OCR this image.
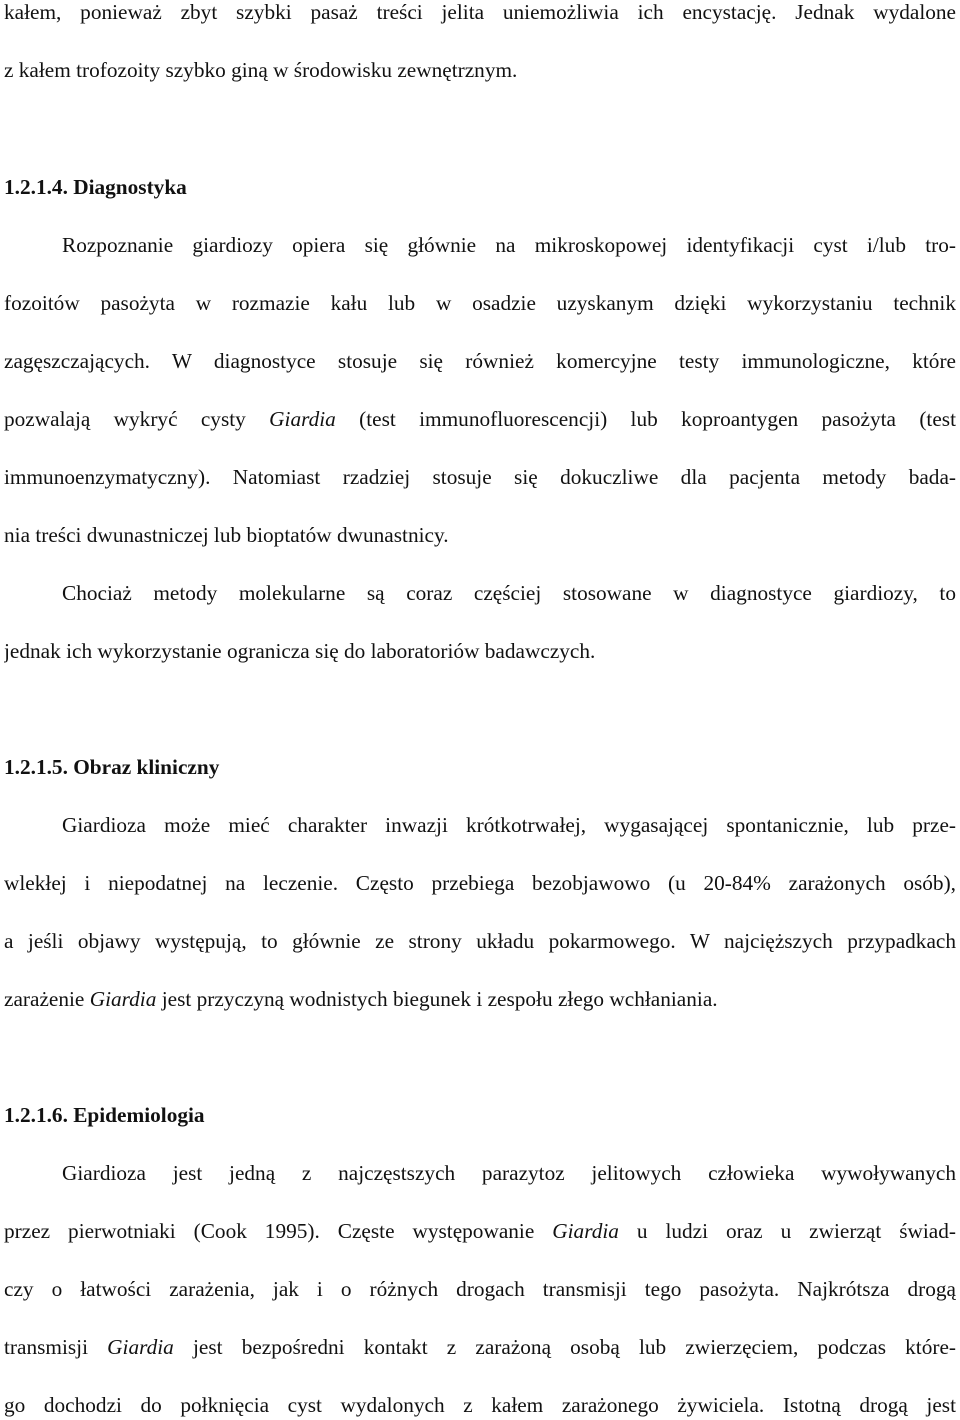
kałem, ponieważ zbyt szybki pasaż treści jelita uniemożliwia ich encystację. Jednak wydalone
z kałem trofozoity szybko giną w środowisku zewnętrznym.
1.2.1.4. Diagnostyka
Rozpoznanie giardiozy opiera się głównie na mikroskopowej identyfikacji cyst i/lub tro-
fozoitów pasożyta w rozmazie kału lub w osadzie uzyskanym dzięki wykorzystaniu technik
zagęszczających. W diagnostyce stosuje się również komercyjne testy immunologiczne, które
pozwalają wykryć cysty Giardia (test immunofluorescencji) lub koproantygen pasożyta (test
immunoenzymatyczny). Natomiast rzadziej stosuje się dokuczliwe dla pacjenta metody bada-
nia treści dwunastniczej lub bioptatów dwunastnicy.
Chociaż metody molekularne są coraz częściej stosowane w diagnostyce giardiozy, to
jednak ich wykorzystanie ogranicza się do laboratoriów badawczych.
1.2.1.5. Obraz kliniczny
Giardioza może mieć charakter inwazji krótkotrwałej, wygasającej spontanicznie, lub prze-
wlekłej i niepodatnej na leczenie. Często przebiega bezobjawowo (u 20-84% zarażonych osób),
a jeśli objawy występują, to głównie ze strony układu pokarmowego. W najcięższych przypadkach
zarażenie Giardia jest przyczyną wodnistych biegunek i zespołu złego wchłaniania.
1.2.1.6. Epidemiologia
Giardioza jest jedną z najczęstszych parazytoz jelitowych człowieka wywoływanych
przez pierwotniaki (Cook 1995). Częste występowanie Giardia u ludzi oraz u zwierząt świad-
czy o łatwości zarażenia, jak i o różnych drogach transmisji tego pasożyta. Najkrótsza drogą
transmisji Giardia jest bezpośredni kontakt z zarażoną osobą lub zwierzęciem, podczas które-
go dochodzi do połknięcia cyst wydalonych z kałem zarażonego żywiciela. Istotną drogą jest
